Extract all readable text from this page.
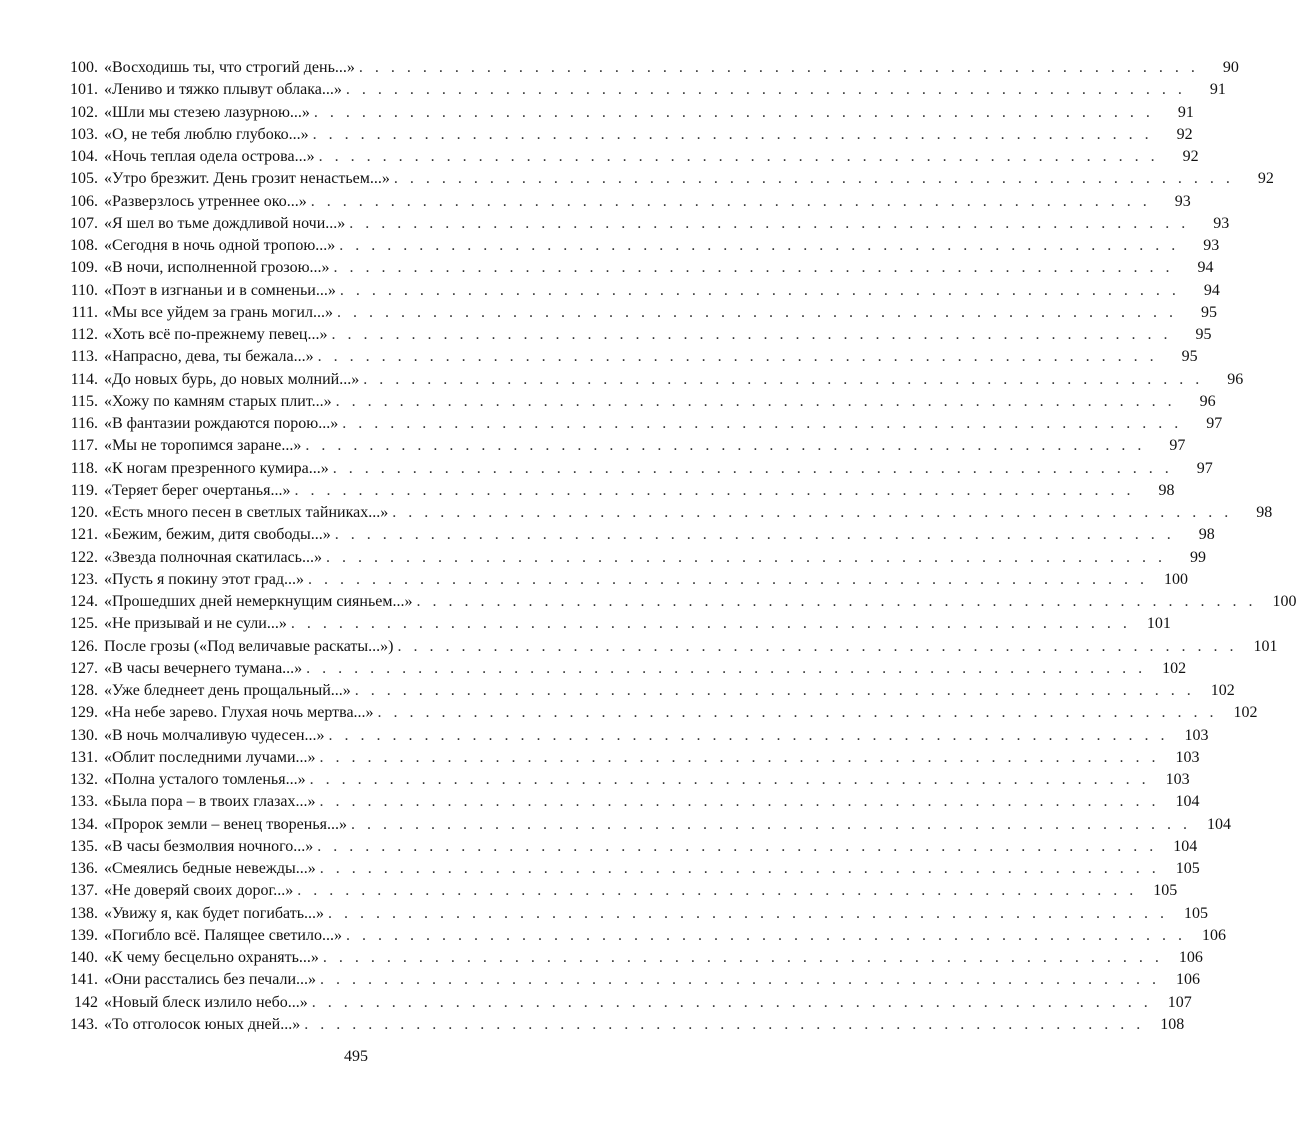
100. «Восходишь ты, что строгий день...» . . .	90
101. «Лениво и тяжко плывут облака...» . . .	91
102. «Шли мы стезею лазурною...» . . .	91
103. «О, не тебя люблю глубоко...» . . .	92
104. «Ночь теплая одела острова...» . . .	92
105. «Утро брезжит. День грозит ненастьем...» . . .	92
106. «Разверзлось утреннее око...» . . .	93
107. «Я шел во тьме дождливой ночи...» . . .	93
108. «Сегодня в ночь одной тропою...» . . .	93
109. «В ночи, исполненной грозою...» . . .	94
110. «Поэт в изгнаньи и в сомненьи...» . . .	94
111. «Мы все уйдем за грань могил...» . . .	95
112. «Хоть всё по-прежнему певец...» . . .	95
113. «Напрасно, дева, ты бежала...» . . .	95
114. «До новых бурь, до новых молний...» . . .	96
115. «Хожу по камням старых плит...» . . .	96
116. «В фантазии рождаются порою...» . . .	97
117. «Мы не торопимся заране...» . . .	97
118. «К ногам презренного кумира...» . . .	97
119. «Теряет берег очертанья...» . . .	98
120. «Есть много песен в светлых тайниках...» . . .	98
121. «Бежим, бежим, дитя свободы...» . . .	98
122. «Звезда полночная скатилась...» . . .	99
123. «Пусть я покину этот град...» . . .	100
124. «Прошедших дней немеркнущим сияньем...» . . .	100
125. «Не призывай и не сули...» . . .	101
126. После грозы («Под величавые раскаты...») . . .	101
127. «В часы вечернего тумана...» . . .	102
128. «Уже бледнеет день прощальный...» . . .	102
129. «На небе зарево. Глухая ночь мертва...» . . .	102
130. «В ночь молчаливую чудесен...» . . .	103
131. «Облит последними лучами...» . . .	103
132. «Полна усталого томленья...» . . .	103
133. «Была пора – в твоих глазах...» . . .	104
134. «Пророк земли – венец творенья...» . . .	104
135. «В часы безмолвия ночного...» . . .	104
136. «Смеялись бедные невежды...» . . .	105
137. «Не доверяй своих дорог...» . . .	105
138. «Увижу я, как будет погибать...» . . .	105
139. «Погибло всё. Палящее светило...» . . .	106
140. «К чему бесцельно охранять...» . . .	106
141. «Они расстались без печали...» . . .	106
142 «Новый блеск излило небо...» . . .	107
143. «То отголосок юных дней...» . . .	108
495
